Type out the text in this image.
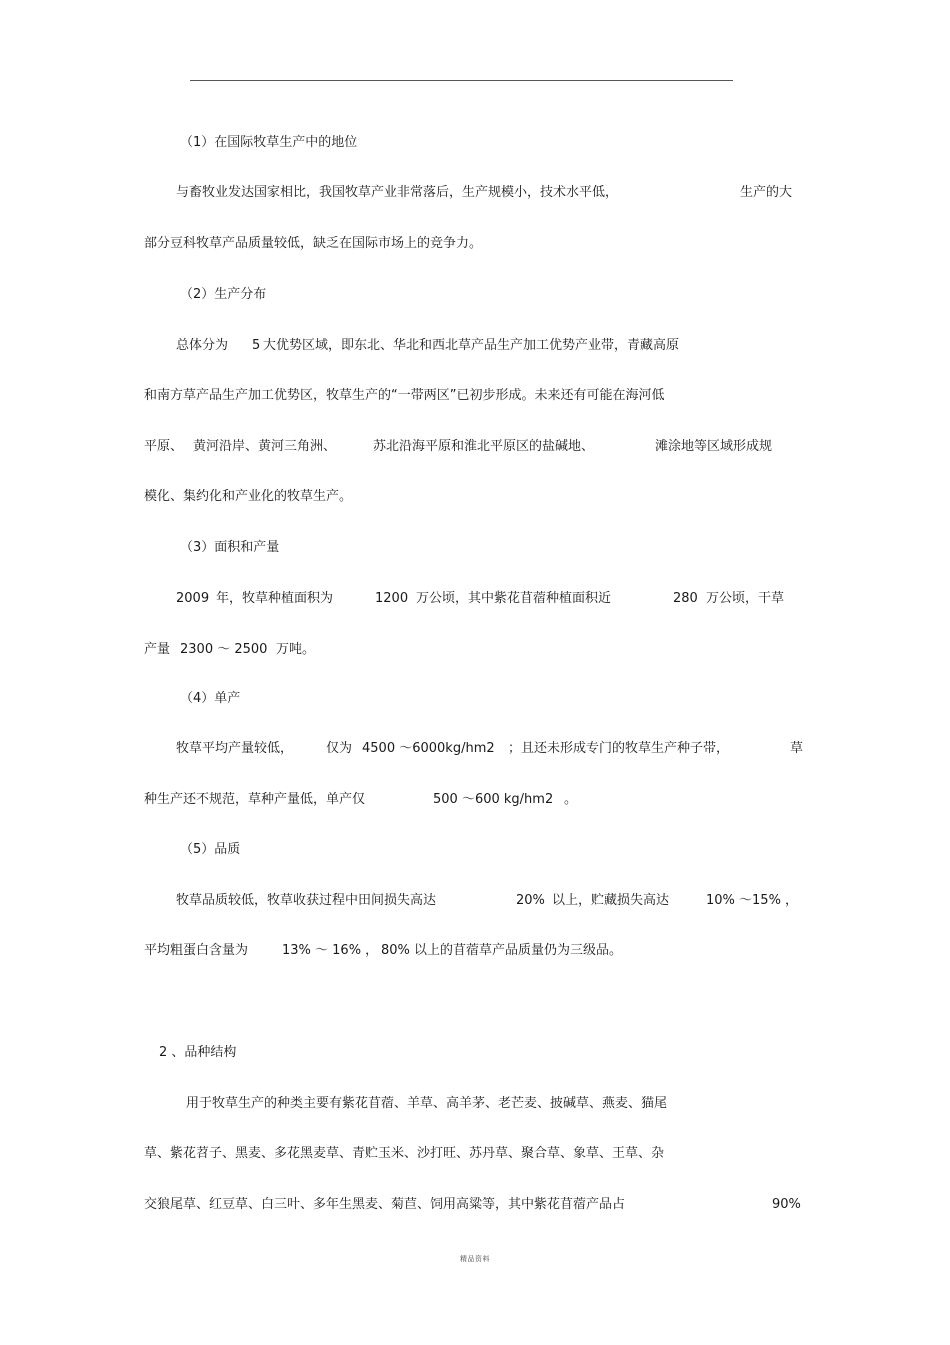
（1）在国际牧草生产中的地位
与畜牧业发达国家相比，我国牧草产业非常落后，生产规模小，技术水平低，	生产的大
部分豆科牧草产品质量较低，缺乏在国际市场上的竞争力。
（2）生产分布
总体分为 5 大优势区域，即东北、华北和西北草产品生产加工优势产业带，青藏高原
和南方草产品生产加工优势区，牧草生产的“一带两区”已初步形成。未来还有可能在海河低
平原、 黄河沿岸、黄河三角洲、	苏北沿海平原和淮北平原区的盐碱地、	滩涂地等区域形成规
模化、集约化和产业化的牧草生产。
（3）面积和产量
2009 年，牧草种植面积为	1200 万公顷，其中紫花苜蓿种植面积近	280 万公顷，干草
产量 2300 ～ 2500 万吨。
（4）单产
牧草平均产量较低，	仅为 4500 ～6000kg/hm2 ；且还未形成专门的牧草生产种子带，	草
种生产还不规范，草种产量低，单产仅	500 ～600 kg/hm2 。
（5）品质
牧草品质较低，牧草收获过程中田间损失高达	20% 以上，贮藏损失高达	10% ～15% ，
平均粗蛋白含量为	13% ～ 16% ， 80% 以上的苜蓿草产品质量仍为三级品。
2 、品种结构
用于牧草生产的种类主要有紫花苜蓿、羊草、高羊茅、老芒麦、披碱草、燕麦、猫尾
草、紫花苕子、黑麦、多花黑麦草、青贮玉米、沙打旺、苏丹草、聚合草、象草、王草、杂
交狼尾草、红豆草、白三叶、多年生黑麦、菊苣、饲用高粱等，其中紫花苜蓿产品占	90%
精品资料
